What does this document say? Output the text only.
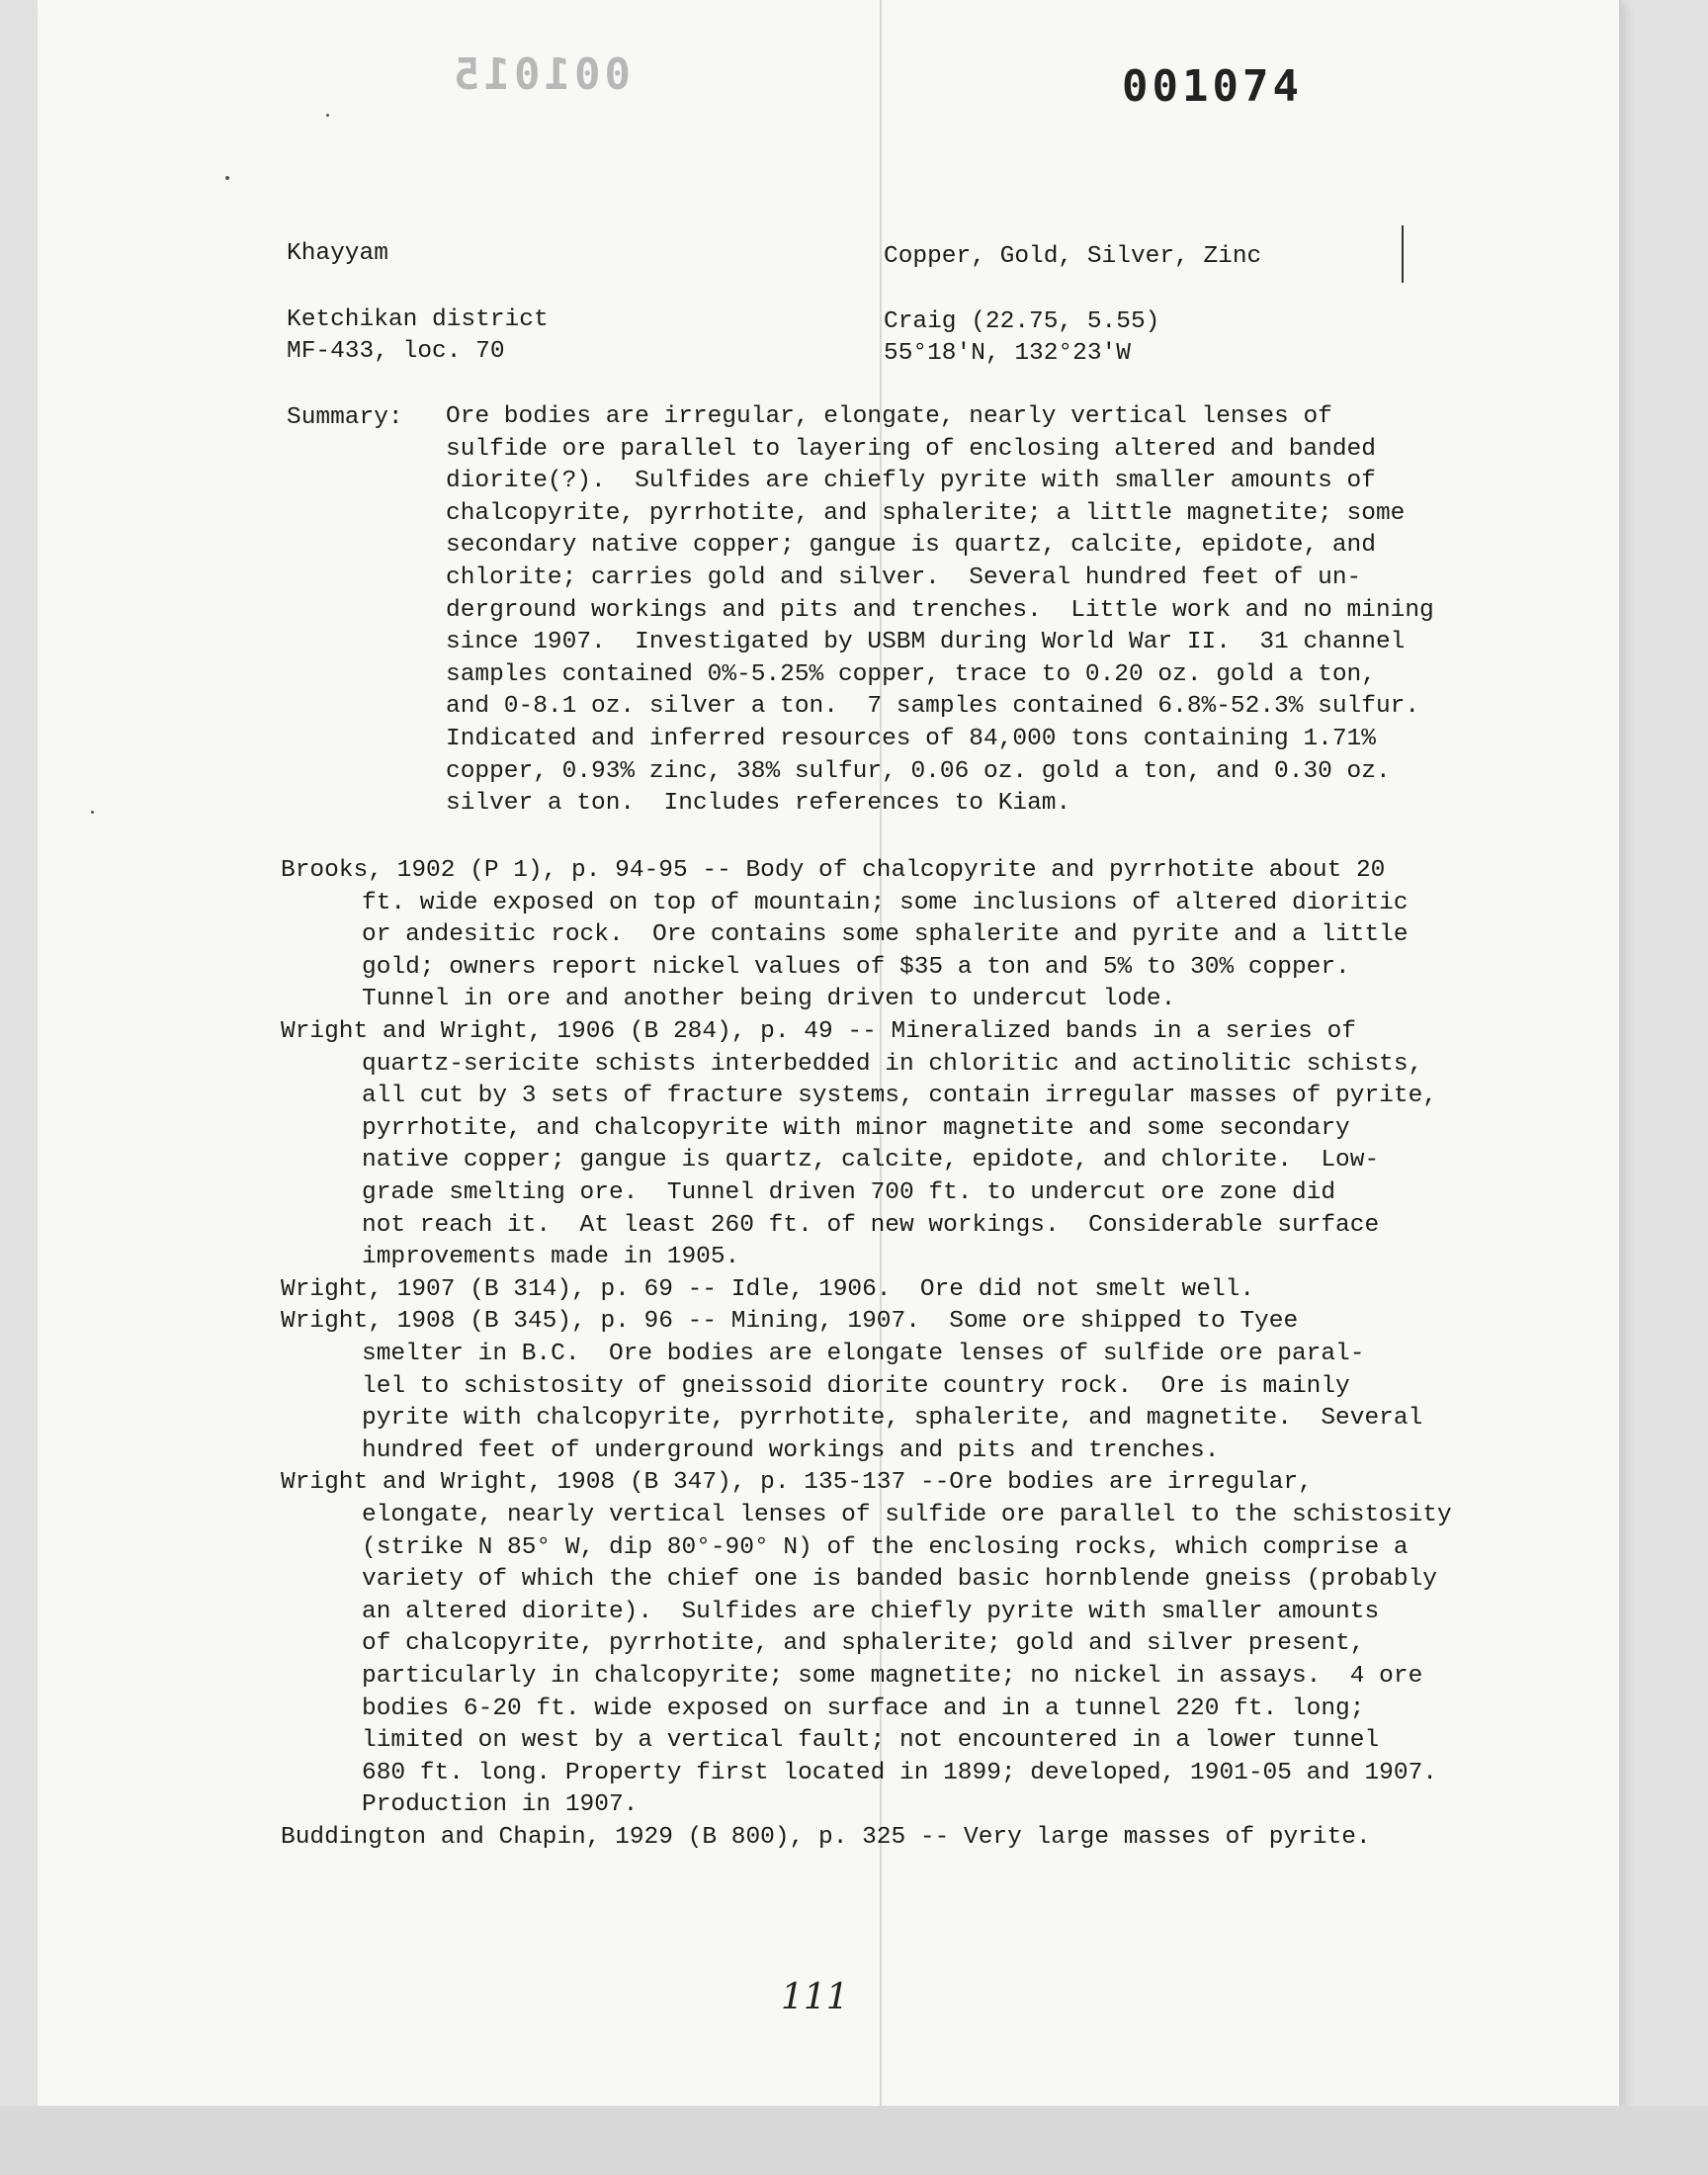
001015	001074
Khayyam	Copper, Gold, Silver, Zinc
Ketchikan district	Craig (22.75, 5.55)
MF-433, loc. 70	55°18'N, 132°23'W
Summary: Ore bodies are irregular, elongate, nearly vertical lenses of
sulfide ore parallel to layering of enclosing altered and banded
diorite(?).  Sulfides are chiefly pyrite with smaller amounts of
chalcopyrite, pyrrhotite, and sphalerite; a little magnetite; some
secondary native copper; gangue is quartz, calcite, epidote, and
chlorite; carries gold and silver.  Several hundred feet of un-
derground workings and pits and trenches.  Little work and no mining
since 1907.  Investigated by USBM during World War II.  31 channel
samples contained 0%-5.25% copper, trace to 0.20 oz. gold a ton,
and 0-8.1 oz. silver a ton.  7 samples contained 6.8%-52.3% sulfur.
Indicated and inferred resources of 84,000 tons containing 1.71%
copper, 0.93% zinc, 38% sulfur, 0.06 oz. gold a ton, and 0.30 oz.
silver a ton.  Includes references to Kiam.
Brooks, 1902 (P 1), p. 94-95 -- Body of chalcopyrite and pyrrhotite about 20
ft. wide exposed on top of mountain; some inclusions of altered dioritic
or andesitic rock.  Ore contains some sphalerite and pyrite and a little
gold; owners report nickel values of $35 a ton and 5% to 30% copper.
Tunnel in ore and another being driven to undercut lode.
Wright and Wright, 1906 (B 284), p. 49 -- Mineralized bands in a series of
quartz-sericite schists interbedded in chloritic and actinolitic schists,
all cut by 3 sets of fracture systems, contain irregular masses of pyrite,
pyrrhotite, and chalcopyrite with minor magnetite and some secondary
native copper; gangue is quartz, calcite, epidote, and chlorite.  Low-
grade smelting ore.  Tunnel driven 700 ft. to undercut ore zone did
not reach it.  At least 260 ft. of new workings.  Considerable surface
improvements made in 1905.
Wright, 1907 (B 314), p. 69 -- Idle, 1906.  Ore did not smelt well.
Wright, 1908 (B 345), p. 96 -- Mining, 1907.  Some ore shipped to Tyee
smelter in B.C.  Ore bodies are elongate lenses of sulfide ore paral-
lel to schistosity of gneissoid diorite country rock.  Ore is mainly
pyrite with chalcopyrite, pyrrhotite, sphalerite, and magnetite.  Several
hundred feet of underground workings and pits and trenches.
Wright and Wright, 1908 (B 347), p. 135-137 --Ore bodies are irregular,
elongate, nearly vertical lenses of sulfide ore parallel to the schistosity
(strike N 85° W, dip 80°-90° N) of the enclosing rocks, which comprise a
variety of which the chief one is banded basic hornblende gneiss (probably
an altered diorite).  Sulfides are chiefly pyrite with smaller amounts
of chalcopyrite, pyrrhotite, and sphalerite; gold and silver present,
particularly in chalcopyrite; some magnetite; no nickel in assays.  4 ore
bodies 6-20 ft. wide exposed on surface and in a tunnel 220 ft. long;
limited on west by a vertical fault; not encountered in a lower tunnel
680 ft. long. Property first located in 1899; developed, 1901-05 and 1907.
Production in 1907.
Buddington and Chapin, 1929 (B 800), p. 325 -- Very large masses of pyrite.
111
